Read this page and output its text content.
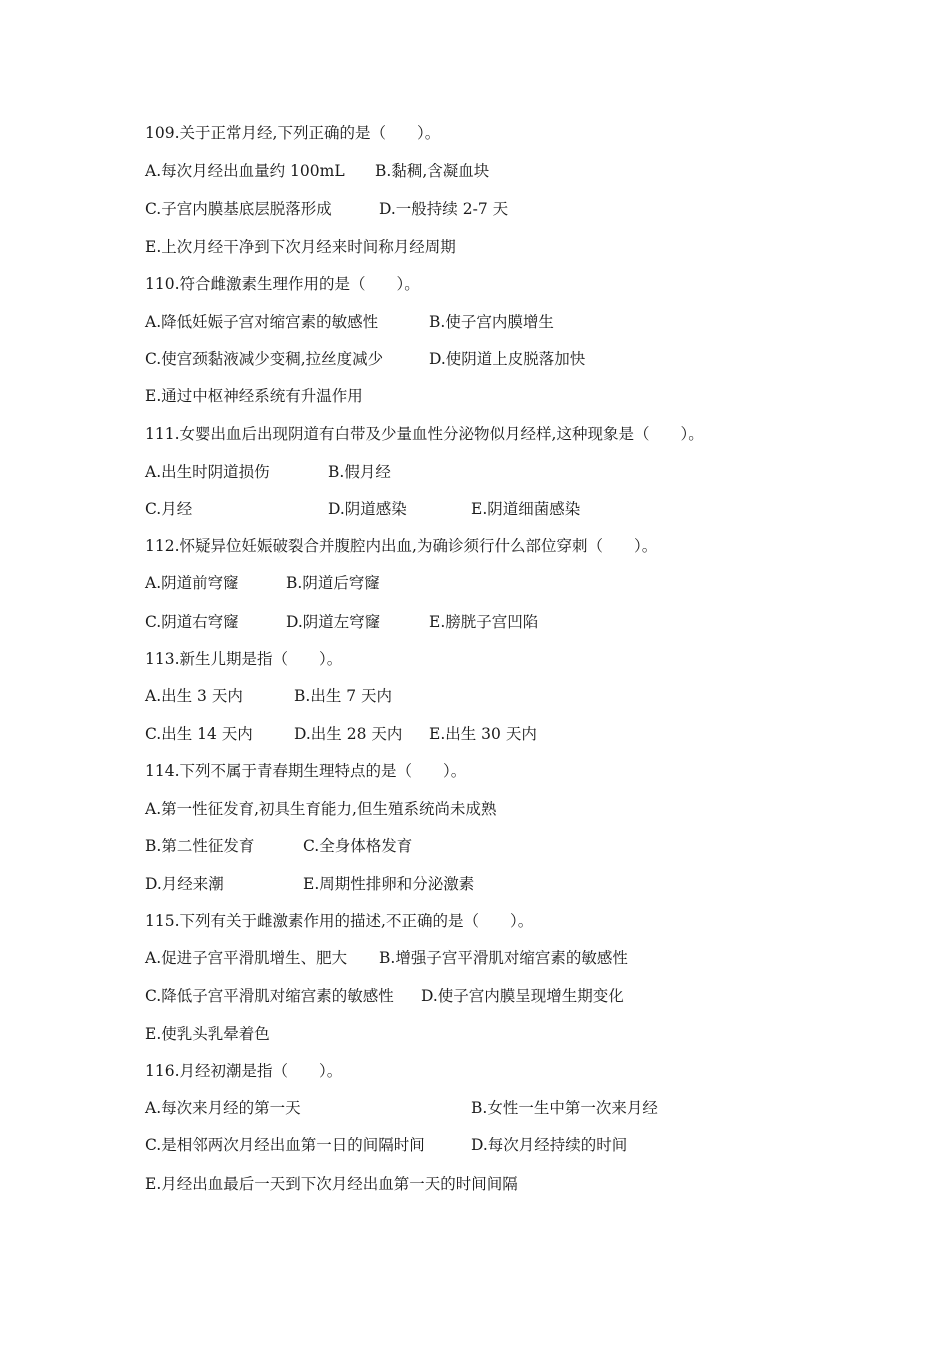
109.关于正常月经,下列正确的是（　　）。
A.每次月经出血量约 100mL B.黏稠,含凝血块
C.子宫内膜基底层脱落形成	D.一般持续 2-7 天
E.上次月经干净到下次月经来时间称月经周期
110.符合雌激素生理作用的是（　　）。
A.降低妊娠子宫对缩宫素的敏感性	B.使子宫内膜增生
C.使宫颈黏液减少变稠,拉丝度减少	D.使阴道上皮脱落加快
E.通过中枢神经系统有升温作用
111.女婴出血后出现阴道有白带及少量血性分泌物似月经样,这种现象是（　　）。
A.出生时阴道损伤	B.假月经
C.月经	D.阴道感染	E.阴道细菌感染
112.怀疑异位妊娠破裂合并腹腔内出血,为确诊须行什么部位穿刺（　　）。
A.阴道前穹窿	B.阴道后穹窿
C.阴道右穹窿	D.阴道左穹窿	E.膀胱子宫凹陷
113.新生儿期是指（　　）。
A.出生 3 天内	B.出生 7 天内
C.出生 14 天内	D.出生 28 天内 E.出生 30 天内
114.下列不属于青春期生理特点的是（　　）。
A.第一性征发育,初具生育能力,但生殖系统尚未成熟
B.第二性征发育	C.全身体格发育
D.月经来潮	E.周期性排卵和分泌激素
115.下列有关于雌激素作用的描述,不正确的是（　　）。
A.促进子宫平滑肌增生、肥大 B.增强子宫平滑肌对缩宫素的敏感性
C.降低子宫平滑肌对缩宫素的敏感性 D.使子宫内膜呈现增生期变化
E.使乳头乳晕着色
116.月经初潮是指（　　）。
A.每次来月经的第一天	B.女性一生中第一次来月经
C.是相邻两次月经出血第一日的间隔时间	D.每次月经持续的时间
E.月经出血最后一天到下次月经出血第一天的时间间隔
